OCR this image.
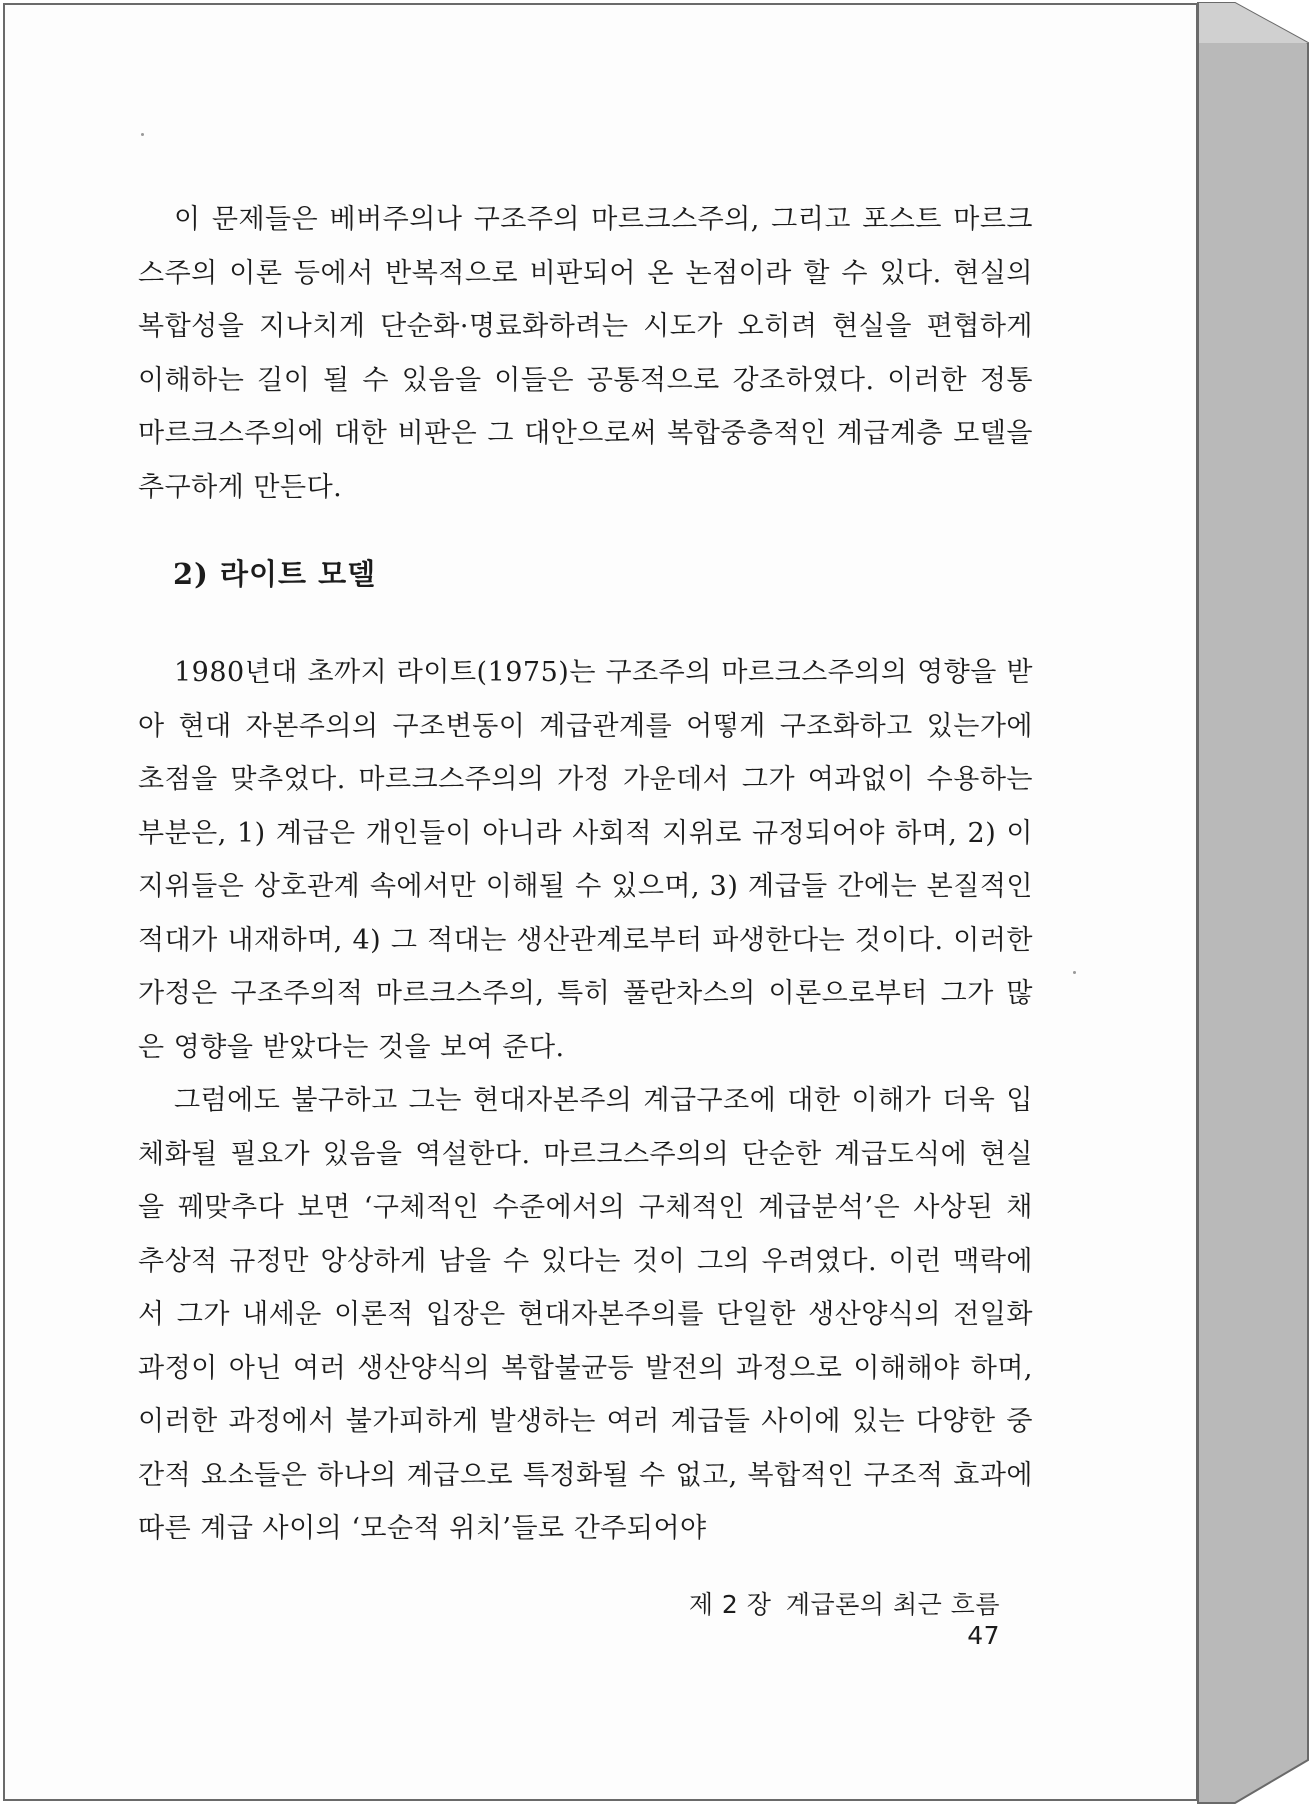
이 문제들은 베버주의나 구조주의 마르크스주의, 그리고 포스트 마르크스주의 이론 등에서 반복적으로 비판되어 온 논점이라 할 수 있다. 현실의 복합성을 지나치게 단순화·명료화하려는 시도가 오히려 현실을 편협하게 이해하는 길이 될 수 있음을 이들은 공통적으로 강조하였다. 이러한 정통 마르크스주의에 대한 비판은 그 대안으로써 복합중층적인 계급계층 모델을 추구하게 만든다.

2) 라이트 모델

1980년대 초까지 라이트(1975)는 구조주의 마르크스주의의 영향을 받아 현대 자본주의의 구조변동이 계급관계를 어떻게 구조화하고 있는가에 초점을 맞추었다. 마르크스주의의 가정 가운데서 그가 여과없이 수용하는 부분은, 1) 계급은 개인들이 아니라 사회적 지위로 규정되어야 하며, 2) 이 지위들은 상호관계 속에서만 이해될 수 있으며, 3) 계급들 간에는 본질적인 적대가 내재하며, 4) 그 적대는 생산관계로부터 파생한다는 것이다. 이러한 가정은 구조주의적 마르크스주의, 특히 풀란차스의 이론으로부터 그가 많은 영향을 받았다는 것을 보여 준다.

그럼에도 불구하고 그는 현대자본주의 계급구조에 대한 이해가 더욱 입체화될 필요가 있음을 역설한다. 마르크스주의의 단순한 계급도식에 현실을 꿰맞추다 보면 ‘구체적인 수준에서의 구체적인 계급분석’은 사상된 채 추상적 규정만 앙상하게 남을 수 있다는 것이 그의 우려였다. 이런 맥락에서 그가 내세운 이론적 입장은 현대자본주의를 단일한 생산양식의 전일화 과정이 아닌 여러 생산양식의 복합불균등 발전의 과정으로 이해해야 하며, 이러한 과정에서 불가피하게 발생하는 여러 계급들 사이에 있는 다양한 중간적 요소들은 하나의 계급으로 특정화될 수 없고, 복합적인 구조적 효과에 따른 계급 사이의 ‘모순적 위치’들로 간주되어야

제 2 장 계급론의 최근 흐름 47
